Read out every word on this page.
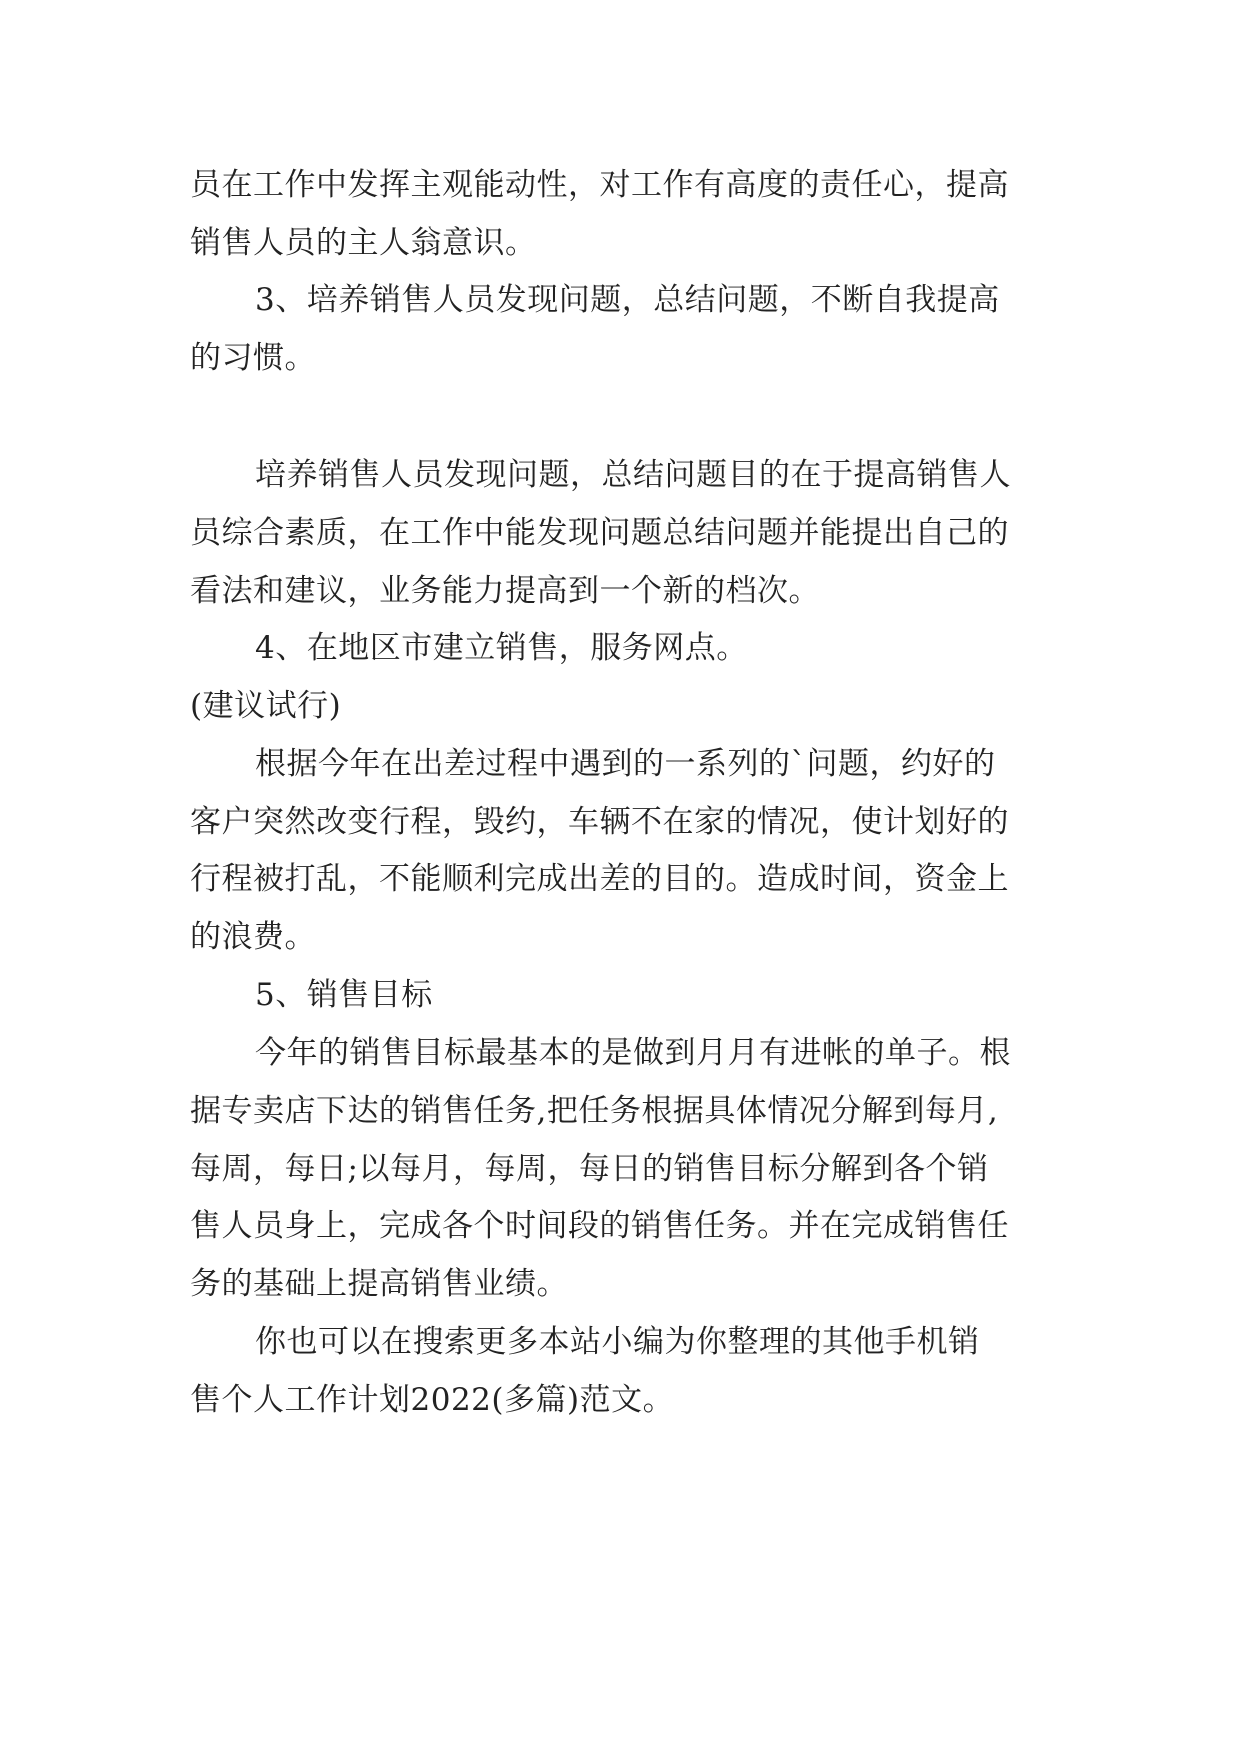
员在工作中发挥主观能动性，对工作有高度的责任心，提高
销售人员的主人翁意识。
3、培养销售人员发现问题，总结问题，不断自我提高
的习惯。
培养销售人员发现问题，总结问题目的在于提高销售人
员综合素质，在工作中能发现问题总结问题并能提出自己的
看法和建议，业务能力提高到一个新的档次。
4、在地区市建立销售，服务网点。
(建议试行)
根据今年在出差过程中遇到的一系列的`问题，约好的
客户突然改变行程，毁约，车辆不在家的情况，使计划好的
行程被打乱，不能顺利完成出差的目的。造成时间，资金上
的浪费。
5、销售目标
今年的销售目标最基本的是做到月月有进帐的单子。根
据专卖店下达的销售任务,把任务根据具体情况分解到每月,
每周，每日;以每月，每周，每日的销售目标分解到各个销
售人员身上，完成各个时间段的销售任务。并在完成销售任
务的基础上提高销售业绩。
你也可以在搜索更多本站小编为你整理的其他手机销
售个人工作计划2022(多篇)范文。
